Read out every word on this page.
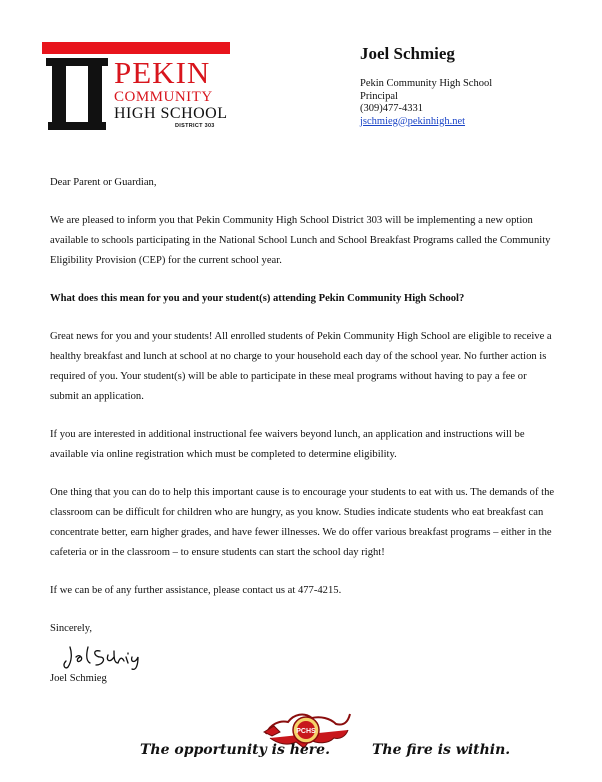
PEKIN
COMMUNITY
HIGH SCHOOL
DISTRICT 303
Joel Schmieg
Pekin Community High School
Principal
(309)477-4331
jschmieg@pekinhigh.net

Dear Parent or Guardian,

We are pleased to inform you that Pekin Community High School District 303 will be implementing a new option available to schools participating in the National School Lunch and School Breakfast Programs called the Community Eligibility Provision (CEP) for the current school year.

What does this mean for you and your student(s) attending Pekin Community High School?

Great news for you and your students! All enrolled students of Pekin Community High School are eligible to receive a healthy breakfast and lunch at school at no charge to your household each day of the school year. No further action is required of you. Your student(s) will be able to participate in these meal programs without having to pay a fee or submit an application.

If you are interested in additional instructional fee waivers beyond lunch, an application and instructions will be available via online registration which must be completed to determine eligibility.

One thing that you can do to help this important cause is to encourage your students to eat with us. The demands of the classroom can be difficult for children who are hungry, as you know. Studies indicate students who eat breakfast can concentrate better, earn higher grades, and have fewer illnesses. We do offer various breakfast programs – either in the cafeteria or in the classroom – to ensure students can start the school day right!

If we can be of any further assistance, please contact us at 477-4215.

Sincerely,

Joel Schmieg
PCHS
The opportunity is here.	The fire is within.
